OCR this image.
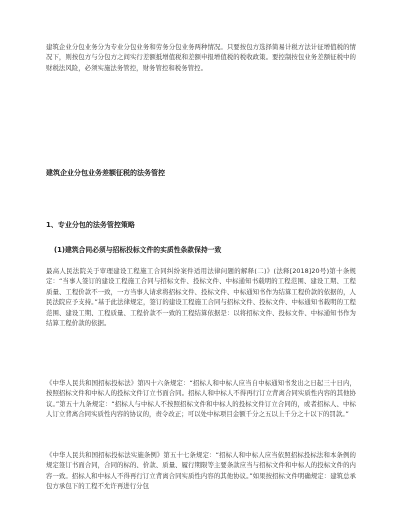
建筑企业分包业务分为专业分包业务和劳务分包业务两种情况。只要按包方选择简易计税方法计征增值税的情况下，则按包方与分包方之间实行差额抵增值税和差额申报增值税的税收政策。要控制按包业务差额征税中的财税法风险，必须实施法务管控，财务管控和税务管控。

建筑企业分包业务差额征税的法务管控

1、专业分包的法务管控策略

(1)建筑合同必须与招标投标文件的实质性条款保持一致

最高人民法院关于审理建设工程施工合同纠纷案件适用法律问题的解释(二)》(法释[2018]20号)第十条规定：“当事人签订的建设工程施工合同与招标文件、投标文件、中标通知书载明的工程范围、建设工期、工程质量、工程价款不一致，一方当事人请求将招标文件、投标文件、中标通知书作为结算工程价款的依据的，人民法院应予支持。”基于此法律规定，签订的建设工程施工合同与招标文件、投标文件、中标通知书载明的工程范围、建设工期、工程质量、工程价款不一致的工程结算依据是：以将招标文件、投标文件、中标通知书作为结算工程价款的依据。

《中华人民共和国招标投标法》第四十六条规定：“招标人和中标人应当自中标通知书发出之日起三十日内，按照招标文件和中标人的投标文件订立书面合同。招标人和中标人不得再行订立背离合同实质性内容的其他协议。”第五十九条规定：“招标人与中标人不按照招标文件和中标人的投标文件订立合同的，或者招标人、中标人订立背离合同实质性内容的协议的，责令改正；可以处中标项目金额千分之五以上千分之十以下的罚款。”

《中华人民共和国招标投标法实施条例》第五十七条规定：“招标人和中标人应当依照招标投标法和本条例的规定签订书面合同，合同的标的、价款、质量、履行期限等主要条款应当与招标文件和中标人的投标文件的内容一致。招标人和中标人不得再行订立背离合同实质性内容的其他协议。”如果按招标文件明确规定：建筑总承包方承包下的工程不允许再进行分包
